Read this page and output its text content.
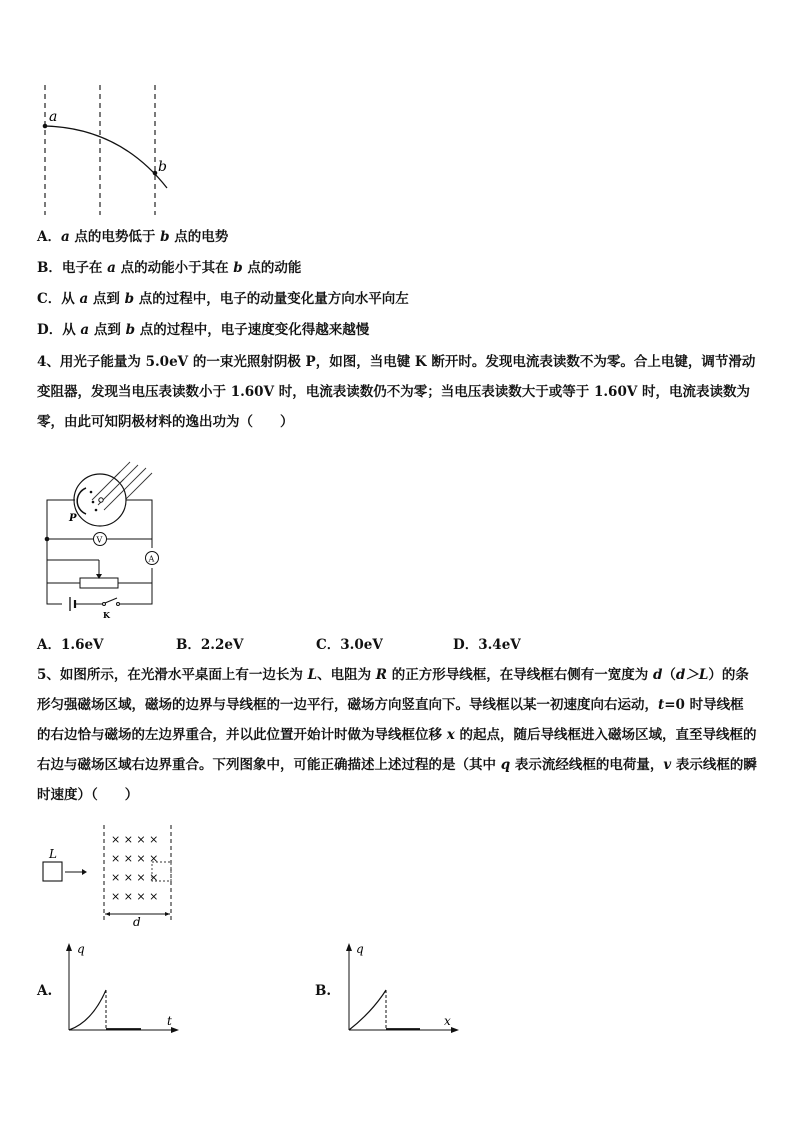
a
b
A．a 点的电势低于 b 点的电势
B．电子在 a 点的动能小于其在 b 点的动能
C．从 a 点到 b 点的过程中，电子的动量变化量方向水平向左
D．从 a 点到 b 点的过程中，电子速度变化得越来越慢
4、用光子能量为 5.0eV 的一束光照射阴极 P，如图，当电键 K 断开时。发现电流表读数不为零。合上电键，调节滑动变阻器，发现当电压表读数小于 1.60V 时，电流表读数仍不为零；当电压表读数大于或等于 1.60V 时，电流表读数为零，由此可知阴极材料的逸出功为（　　）
P
V
A
K
A．1.6eV	B．2.2eV	C．3.0eV	D．3.4eV
5、如图所示，在光滑水平桌面上有一边长为 L、电阻为 R 的正方形导线框，在导线框右侧有一宽度为 d（d＞L）的条形匀强磁场区域，磁场的边界与导线框的一边平行，磁场方向竖直向下。导线框以某一初速度向右运动，t=0 时导线框的右边恰与磁场的左边界重合，并以此位置开始计时做为导线框位移 x 的起点，随后导线框进入磁场区域，直至导线框的右边与磁场区域右边界重合。下列图象中，可能正确描述上述过程的是（其中 q 表示流经线框的电荷量，v 表示线框的瞬时速度）（　　）
L
× × × ×
× × × ×
× × × ×
× × × ×
d
A.
q
t
B.
q
x
